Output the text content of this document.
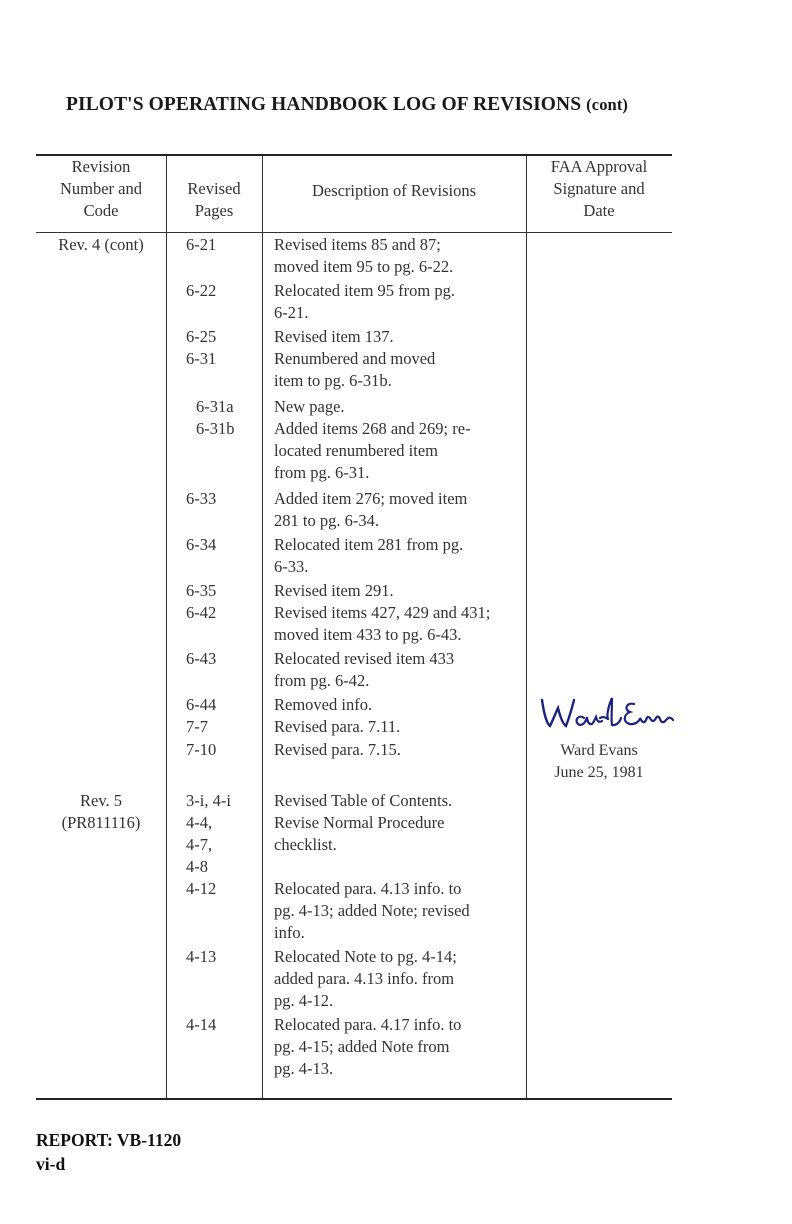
PILOT'S OPERATING HANDBOOK LOG OF REVISIONS (cont)
Revision
Number and
Code
Revised
Pages
Description of Revisions
FAA Approval
Signature and
Date
Rev. 4 (cont)	6-21
6-22
6-25
6-31
6-31a
6-31b
6-33
6-34
6-35
6-42
6-43
6-44
7-7
7-10
Revised items 85 and 87;
moved item 95 to pg. 6-22.
Relocated item 95 from pg.
6-21.
Revised item 137.
Renumbered and moved
item to pg. 6-31b.
New page.
Added items 268 and 269; re-
located renumbered item
from pg. 6-31.
Added item 276; moved item
281 to pg. 6-34.
Relocated item 281 from pg.
6-33.
Revised item 291.
Revised items 427, 429 and 431;
moved item 433 to pg. 6-43.
Relocated revised item 433
from pg. 6-42.
Removed info.
Revised para. 7.11.
Revised para. 7.15.	Ward Evans
June 25, 1981
Rev. 5
(PR811116)
3-i, 4-i
4-4,
4-7,
4-8
4-12
4-13
4-14
Revised Table of Contents.
Revise Normal Procedure
checklist.
Relocated para. 4.13 info. to
pg. 4-13; added Note; revised
info.
Relocated Note to pg. 4-14;
added para. 4.13 info. from
pg. 4-12.
Relocated para. 4.17 info. to
pg. 4-15; added Note from
pg. 4-13.
REPORT: VB-1120
vi-d
